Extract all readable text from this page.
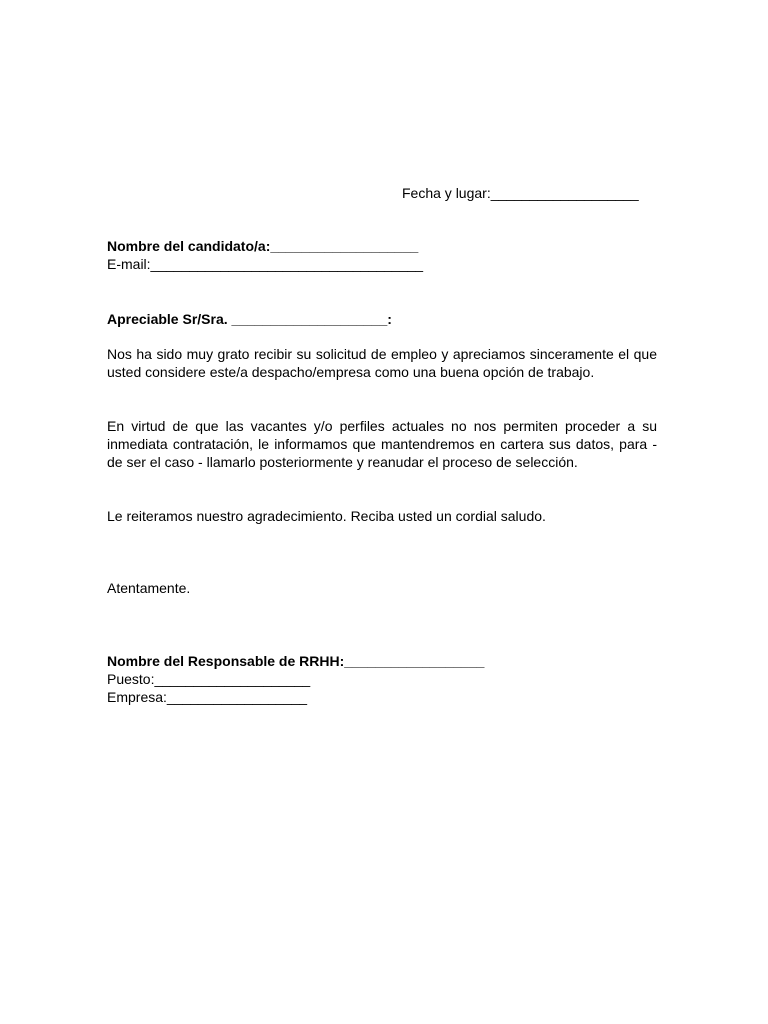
Fecha y lugar:___________________
Nombre del candidato/a:___________________
E-mail:___________________________________
Apreciable Sr/Sra. ____________________:
Nos ha sido muy grato recibir su solicitud de empleo y apreciamos sinceramente el que usted considere este/a despacho/empresa como una buena opción de trabajo.
En virtud de que las vacantes y/o perfiles actuales no nos permiten proceder a su inmediata contratación, le informamos que mantendremos en cartera sus datos, para - de ser el caso - llamarlo posteriormente y reanudar el proceso de selección.
Le reiteramos nuestro agradecimiento. Reciba usted un cordial saludo.
Atentamente.
Nombre del Responsable de RRHH:__________________
Puesto:____________________
Empresa:__________________
